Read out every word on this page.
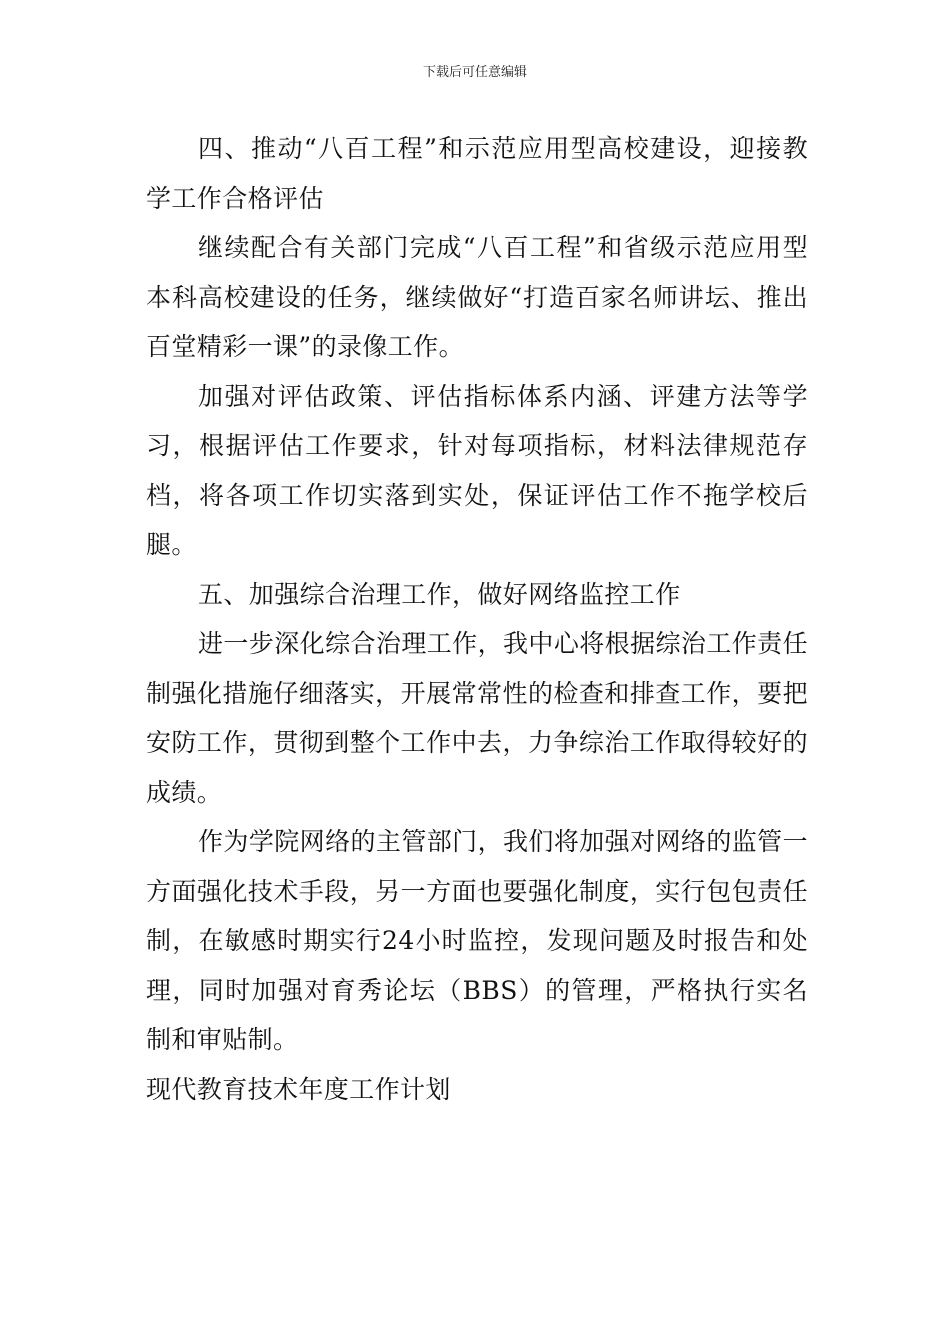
下载后可任意编辑

四、推动“八百工程”和示范应用型高校建设，迎接教学工作合格评估

继续配合有关部门完成“八百工程”和省级示范应用型本科高校建设的任务，继续做好“打造百家名师讲坛、推出百堂精彩一课”的录像工作。

加强对评估政策、评估指标体系内涵、评建方法等学习，根据评估工作要求，针对每项指标，材料法律规范存档，将各项工作切实落到实处，保证评估工作不拖学校后腿。

五、加强综合治理工作，做好网络监控工作

进一步深化综合治理工作，我中心将根据综治工作责任制强化措施仔细落实，开展常常性的检查和排查工作，要把安防工作，贯彻到整个工作中去，力争综治工作取得较好的成绩。

作为学院网络的主管部门，我们将加强对网络的监管一方面强化技术手段，另一方面也要强化制度，实行包包责任制，在敏感时期实行24小时监控，发现问题及时报告和处理，同时加强对育秀论坛（BBS）的管理，严格执行实名制和审贴制。

现代教育技术年度工作计划
